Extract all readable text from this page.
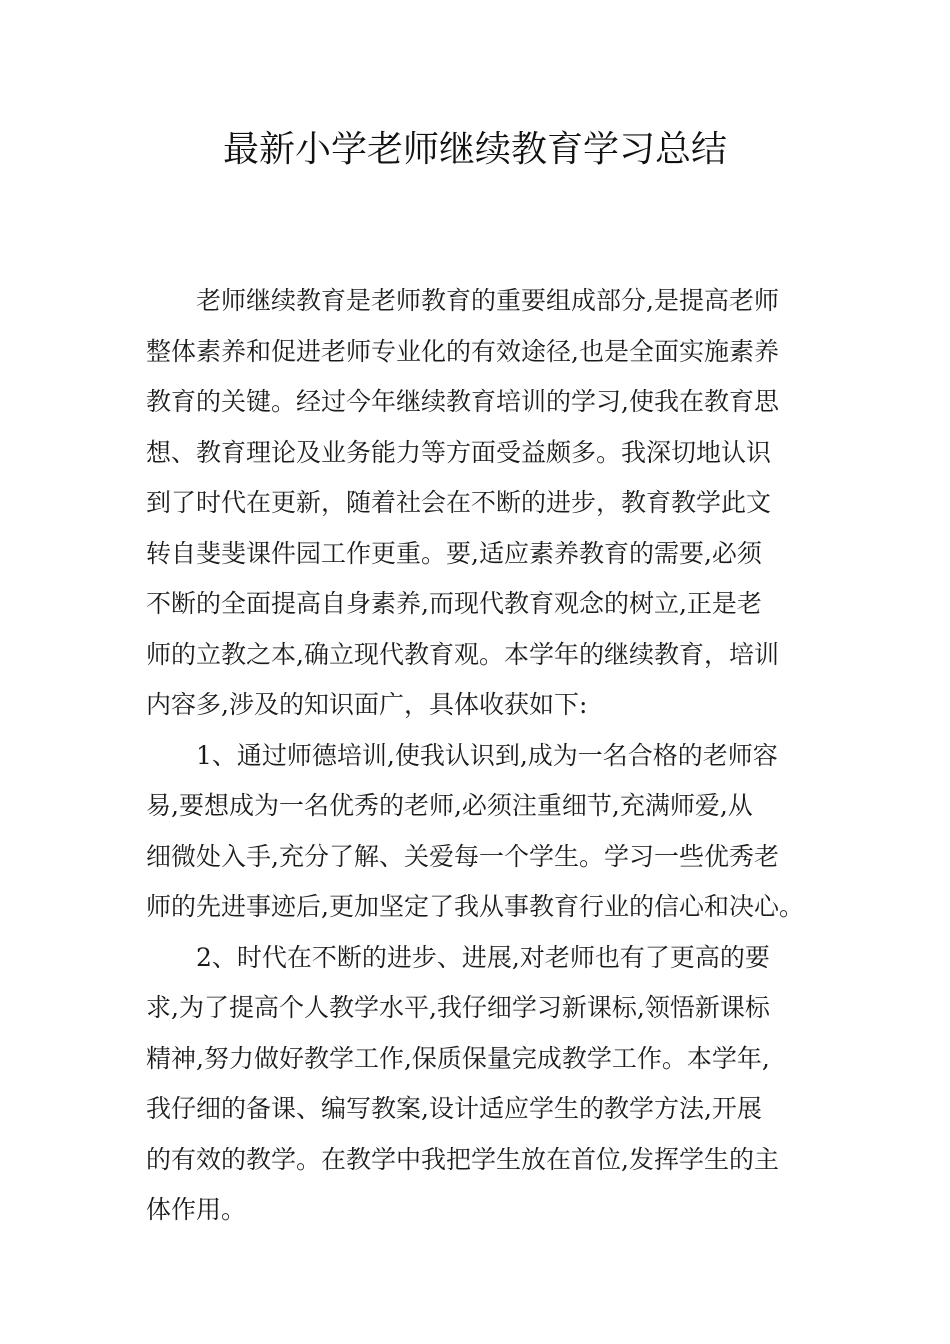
最新小学老师继续教育学习总结
老师继续教育是老师教育的重要组成部分,是提高老师
整体素养和促进老师专业化的有效途径,也是全面实施素养
教育的关键。经过今年继续教育培训的学习,使我在教育思
想、教育理论及业务能力等方面受益颇多。我深切地认识
到了时代在更新，随着社会在不断的进步，教育教学此文
转自斐斐课件园工作更重。要,适应素养教育的需要,必须
不断的全面提高自身素养,而现代教育观念的树立,正是老
师的立教之本,确立现代教育观。本学年的继续教育，培训
内容多,涉及的知识面广，具体收获如下:
1、通过师德培训,使我认识到,成为一名合格的老师容
易,要想成为一名优秀的老师,必须注重细节,充满师爱,从
细微处入手,充分了解、关爱每一个学生。学习一些优秀老
师的先进事迹后,更加坚定了我从事教育行业的信心和决心。
2、时代在不断的进步、进展,对老师也有了更高的要
求,为了提高个人教学水平,我仔细学习新课标,领悟新课标
精神,努力做好教学工作,保质保量完成教学工作。本学年,
我仔细的备课、编写教案,设计适应学生的教学方法,开展
的有效的教学。在教学中我把学生放在首位,发挥学生的主
体作用。
